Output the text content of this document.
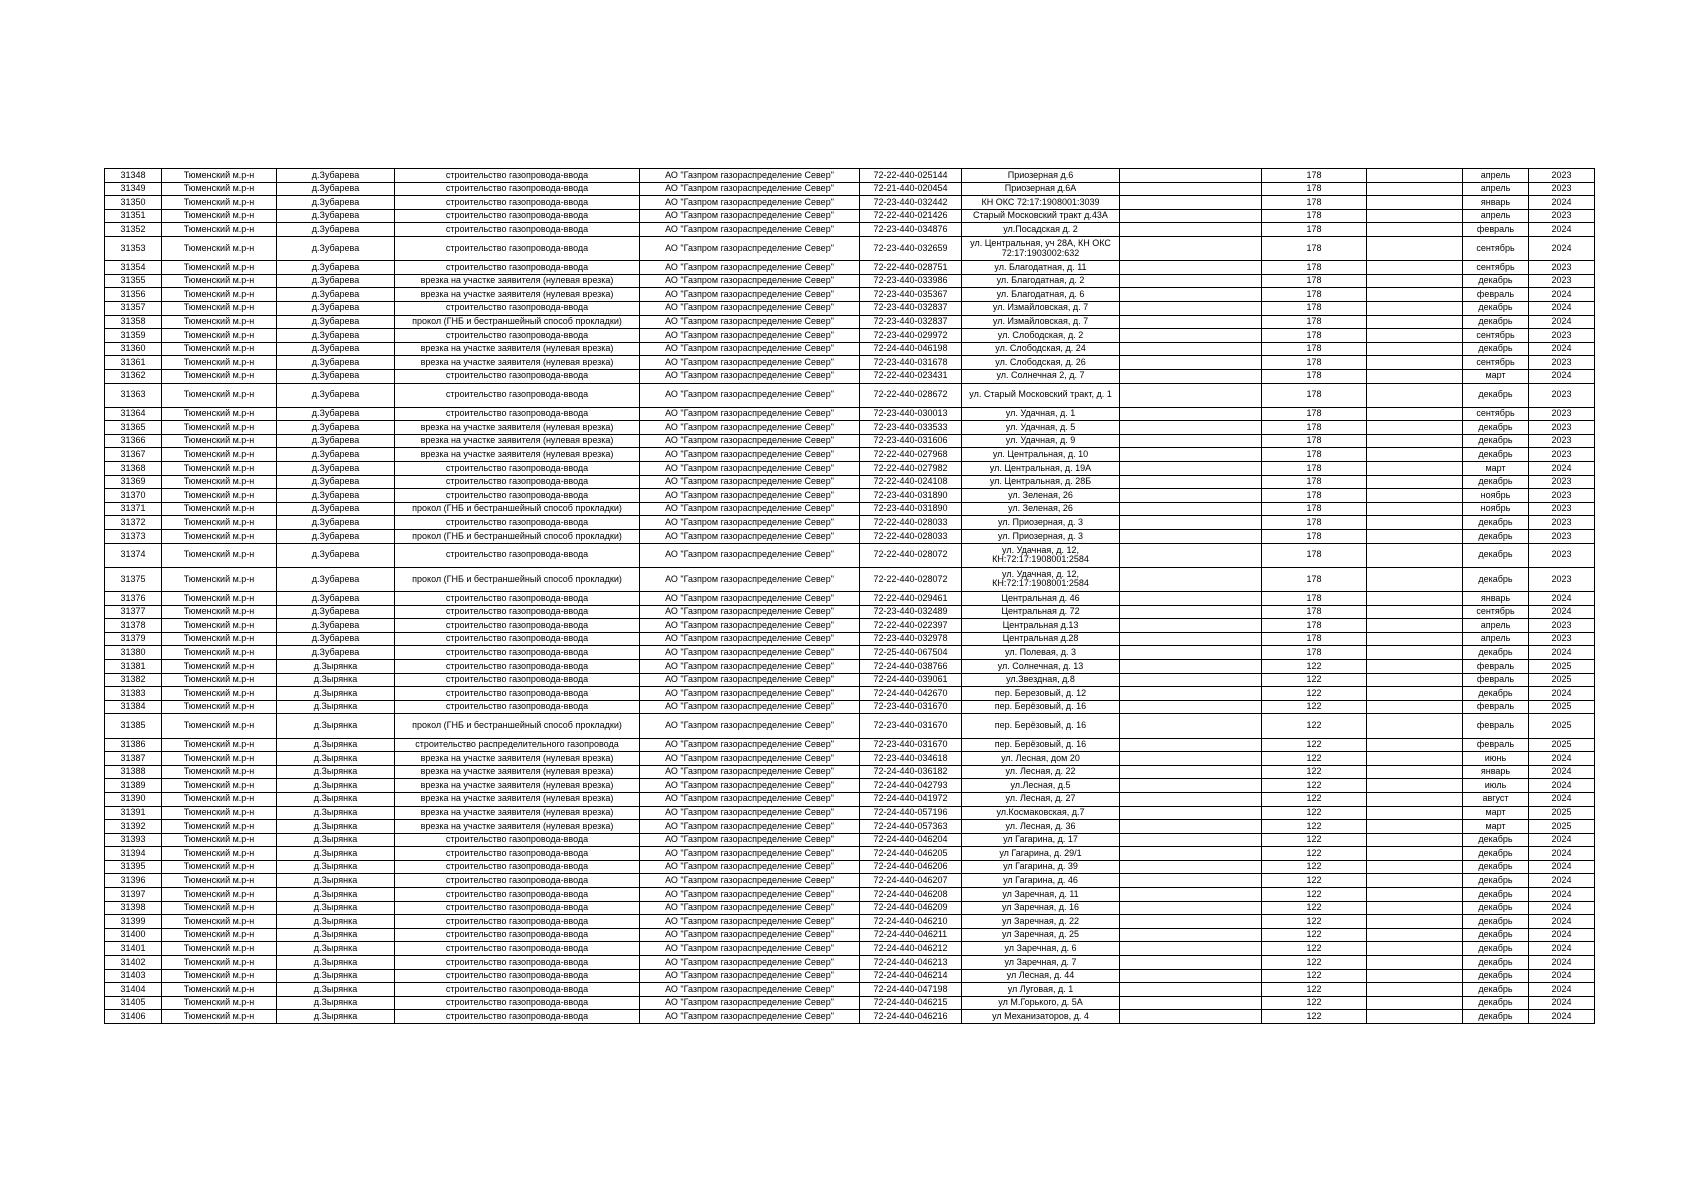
31348	Тюменский м.р-н	д.Зубарева	строительство газопровода-ввода	АО "Газпром газораспределение Север"	72-22-440-025144	Приозерная д.6		178		апрель	2023
31349	Тюменский м.р-н	д.Зубарева	строительство газопровода-ввода	АО "Газпром газораспределение Север"	72-21-440-020454	Приозерная д.6А		178		апрель	2023
31350	Тюменский м.р-н	д.Зубарева	строительство газопровода-ввода	АО "Газпром газораспределение Север"	72-23-440-032442	КН ОКС 72:17:1908001:3039		178		январь	2024
31351	Тюменский м.р-н	д.Зубарева	строительство газопровода-ввода	АО "Газпром газораспределение Север"	72-22-440-021426	Старый Московский тракт д.43А		178		апрель	2023
31352	Тюменский м.р-н	д.Зубарева	строительство газопровода-ввода	АО "Газпром газораспределение Север"	72-23-440-034876	ул.Посадская д. 2		178		февраль	2024
31353	Тюменский м.р-н	д.Зубарева	строительство газопровода-ввода	АО "Газпром газораспределение Север"	72-23-440-032659	ул. Центральная, уч 28А, КН ОКС 72:17:1903002:632		178		сентябрь	2024
31354	Тюменский м.р-н	д.Зубарева	строительство газопровода-ввода	АО "Газпром газораспределение Север"	72-22-440-028751	ул. Благодатная, д. 11		178		сентябрь	2023
31355	Тюменский м.р-н	д.Зубарева	врезка на участке заявителя (нулевая врезка)	АО "Газпром газораспределение Север"	72-23-440-033986	ул. Благодатная, д. 2		178		декабрь	2023
31356	Тюменский м.р-н	д.Зубарева	врезка на участке заявителя (нулевая врезка)	АО "Газпром газораспределение Север"	72-23-440-035367	ул. Благодатная, д. 6		178		февраль	2024
31357	Тюменский м.р-н	д.Зубарева	строительство газопровода-ввода	АО "Газпром газораспределение Север"	72-23-440-032837	ул. Измайловская, д. 7		178		декабрь	2024
31358	Тюменский м.р-н	д.Зубарева	прокол (ГНБ и бестраншейный способ прокладки)	АО "Газпром газораспределение Север"	72-23-440-032837	ул. Измайловская, д. 7		178		декабрь	2024
31359	Тюменский м.р-н	д.Зубарева	строительство газопровода-ввода	АО "Газпром газораспределение Север"	72-23-440-029972	ул. Слободская, д. 2		178		сентябрь	2023
31360	Тюменский м.р-н	д.Зубарева	врезка на участке заявителя (нулевая врезка)	АО "Газпром газораспределение Север"	72-24-440-046198	ул. Слободская, д. 24		178		декабрь	2024
31361	Тюменский м.р-н	д.Зубарева	врезка на участке заявителя (нулевая врезка)	АО "Газпром газораспределение Север"	72-23-440-031678	ул. Слободская, д. 26		178		сентябрь	2023
31362	Тюменский м.р-н	д.Зубарева	строительство газопровода-ввода	АО "Газпром газораспределение Север"	72-22-440-023431	ул. Солнечная 2, д. 7		178		март	2024
31363	Тюменский м.р-н	д.Зубарева	строительство газопровода-ввода	АО "Газпром газораспределение Север"	72-22-440-028672	ул. Старый Московский тракт, д. 1		178		декабрь	2023
31364	Тюменский м.р-н	д.Зубарева	строительство газопровода-ввода	АО "Газпром газораспределение Север"	72-23-440-030013	ул. Удачная, д. 1		178		сентябрь	2023
31365	Тюменский м.р-н	д.Зубарева	врезка на участке заявителя (нулевая врезка)	АО "Газпром газораспределение Север"	72-23-440-033533	ул. Удачная, д. 5		178		декабрь	2023
31366	Тюменский м.р-н	д.Зубарева	врезка на участке заявителя (нулевая врезка)	АО "Газпром газораспределение Север"	72-23-440-031606	ул. Удачная, д. 9		178		декабрь	2023
31367	Тюменский м.р-н	д.Зубарева	врезка на участке заявителя (нулевая врезка)	АО "Газпром газораспределение Север"	72-22-440-027968	ул. Центральная, д. 10		178		декабрь	2023
31368	Тюменский м.р-н	д.Зубарева	строительство газопровода-ввода	АО "Газпром газораспределение Север"	72-22-440-027982	ул. Центральная, д. 19А		178		март	2024
31369	Тюменский м.р-н	д.Зубарева	строительство газопровода-ввода	АО "Газпром газораспределение Север"	72-22-440-024108	ул. Центральная, д. 28Б		178		декабрь	2023
31370	Тюменский м.р-н	д.Зубарева	строительство газопровода-ввода	АО "Газпром газораспределение Север"	72-23-440-031890	ул. Зеленая, 26		178		ноябрь	2023
31371	Тюменский м.р-н	д.Зубарева	прокол (ГНБ и бестраншейный способ прокладки)	АО "Газпром газораспределение Север"	72-23-440-031890	ул. Зеленая, 26		178		ноябрь	2023
31372	Тюменский м.р-н	д.Зубарева	строительство газопровода-ввода	АО "Газпром газораспределение Север"	72-22-440-028033	ул. Приозерная, д. 3		178		декабрь	2023
31373	Тюменский м.р-н	д.Зубарева	прокол (ГНБ и бестраншейный способ прокладки)	АО "Газпром газораспределение Север"	72-22-440-028033	ул. Приозерная, д. 3		178		декабрь	2023
31374	Тюменский м.р-н	д.Зубарева	строительство газопровода-ввода	АО "Газпром газораспределение Север"	72-22-440-028072	ул. Удачная, д. 12, КН:72:17:1908001:2584		178		декабрь	2023
31375	Тюменский м.р-н	д.Зубарева	прокол (ГНБ и бестраншейный способ прокладки)	АО "Газпром газораспределение Север"	72-22-440-028072	ул. Удачная, д. 12, КН:72:17:1908001:2584		178		декабрь	2023
31376	Тюменский м.р-н	д.Зубарева	строительство газопровода-ввода	АО "Газпром газораспределение Север"	72-22-440-029461	Центральная д. 46		178		январь	2024
31377	Тюменский м.р-н	д.Зубарева	строительство газопровода-ввода	АО "Газпром газораспределение Север"	72-23-440-032489	Центральная д. 72		178		сентябрь	2024
31378	Тюменский м.р-н	д.Зубарева	строительство газопровода-ввода	АО "Газпром газораспределение Север"	72-22-440-022397	Центральная д.13		178		апрель	2023
31379	Тюменский м.р-н	д.Зубарева	строительство газопровода-ввода	АО "Газпром газораспределение Север"	72-23-440-032978	Центральная д.28		178		апрель	2023
31380	Тюменский м.р-н	д.Зубарева	строительство газопровода-ввода	АО "Газпром газораспределение Север"	72-25-440-067504	ул. Полевая, д. 3		178		декабрь	2024
31381	Тюменский м.р-н	д.Зырянка	строительство газопровода-ввода	АО "Газпром газораспределение Север"	72-24-440-038766	ул. Солнечная, д. 13		122		февраль	2025
31382	Тюменский м.р-н	д.Зырянка	строительство газопровода-ввода	АО "Газпром газораспределение Север"	72-24-440-039061	ул.Звездная, д.8		122		февраль	2025
31383	Тюменский м.р-н	д.Зырянка	строительство газопровода-ввода	АО "Газпром газораспределение Север"	72-24-440-042670	пер. Березовый, д. 12		122		декабрь	2024
31384	Тюменский м.р-н	д.Зырянка	строительство газопровода-ввода	АО "Газпром газораспределение Север"	72-23-440-031670	пер. Берёзовый, д. 16		122		февраль	2025
31385	Тюменский м.р-н	д.Зырянка	прокол (ГНБ и бестраншейный способ прокладки)	АО "Газпром газораспределение Север"	72-23-440-031670	пер. Берёзовый, д. 16		122		февраль	2025
31386	Тюменский м.р-н	д.Зырянка	строительство распределительного газопровода	АО "Газпром газораспределение Север"	72-23-440-031670	пер. Берёзовый, д. 16		122		февраль	2025
31387	Тюменский м.р-н	д.Зырянка	врезка на участке заявителя (нулевая врезка)	АО "Газпром газораспределение Север"	72-23-440-034618	ул. Лесная, дом 20		122		июнь	2024
31388	Тюменский м.р-н	д.Зырянка	врезка на участке заявителя (нулевая врезка)	АО "Газпром газораспределение Север"	72-24-440-036182	ул. Лесная, д. 22		122		январь	2024
31389	Тюменский м.р-н	д.Зырянка	врезка на участке заявителя (нулевая врезка)	АО "Газпром газораспределение Север"	72-24-440-042793	ул.Лесная, д.5		122		июль	2024
31390	Тюменский м.р-н	д.Зырянка	врезка на участке заявителя (нулевая врезка)	АО "Газпром газораспределение Север"	72-24-440-041972	ул. Лесная, д. 27		122		август	2024
31391	Тюменский м.р-н	д.Зырянка	врезка на участке заявителя (нулевая врезка)	АО "Газпром газораспределение Север"	72-24-440-057196	ул.Космаковская, д.7		122		март	2025
31392	Тюменский м.р-н	д.Зырянка	врезка на участке заявителя (нулевая врезка)	АО "Газпром газораспределение Север"	72-24-440-057363	ул. Лесная, д. 36		122		март	2025
31393	Тюменский м.р-н	д.Зырянка	строительство газопровода-ввода	АО "Газпром газораспределение Север"	72-24-440-046204	ул Гагарина, д. 17		122		декабрь	2024
31394	Тюменский м.р-н	д.Зырянка	строительство газопровода-ввода	АО "Газпром газораспределение Север"	72-24-440-046205	ул Гагарина, д. 29/1		122		декабрь	2024
31395	Тюменский м.р-н	д.Зырянка	строительство газопровода-ввода	АО "Газпром газораспределение Север"	72-24-440-046206	ул Гагарина, д. 39		122		декабрь	2024
31396	Тюменский м.р-н	д.Зырянка	строительство газопровода-ввода	АО "Газпром газораспределение Север"	72-24-440-046207	ул Гагарина, д. 46		122		декабрь	2024
31397	Тюменский м.р-н	д.Зырянка	строительство газопровода-ввода	АО "Газпром газораспределение Север"	72-24-440-046208	ул Заречная, д. 11		122		декабрь	2024
31398	Тюменский м.р-н	д.Зырянка	строительство газопровода-ввода	АО "Газпром газораспределение Север"	72-24-440-046209	ул Заречная, д. 16		122		декабрь	2024
31399	Тюменский м.р-н	д.Зырянка	строительство газопровода-ввода	АО "Газпром газораспределение Север"	72-24-440-046210	ул Заречная, д. 22		122		декабрь	2024
31400	Тюменский м.р-н	д.Зырянка	строительство газопровода-ввода	АО "Газпром газораспределение Север"	72-24-440-046211	ул Заречная, д. 25		122		декабрь	2024
31401	Тюменский м.р-н	д.Зырянка	строительство газопровода-ввода	АО "Газпром газораспределение Север"	72-24-440-046212	ул Заречная, д. 6		122		декабрь	2024
31402	Тюменский м.р-н	д.Зырянка	строительство газопровода-ввода	АО "Газпром газораспределение Север"	72-24-440-046213	ул Заречная, д. 7		122		декабрь	2024
31403	Тюменский м.р-н	д.Зырянка	строительство газопровода-ввода	АО "Газпром газораспределение Север"	72-24-440-046214	ул Лесная, д. 44		122		декабрь	2024
31404	Тюменский м.р-н	д.Зырянка	строительство газопровода-ввода	АО "Газпром газораспределение Север"	72-24-440-047198	ул Луговая, д. 1		122		декабрь	2024
31405	Тюменский м.р-н	д.Зырянка	строительство газопровода-ввода	АО "Газпром газораспределение Север"	72-24-440-046215	ул М.Горького, д. 5А		122		декабрь	2024
31406	Тюменский м.р-н	д.Зырянка	строительство газопровода-ввода	АО "Газпром газораспределение Север"	72-24-440-046216	ул Механизаторов, д. 4		122		декабрь	2024
